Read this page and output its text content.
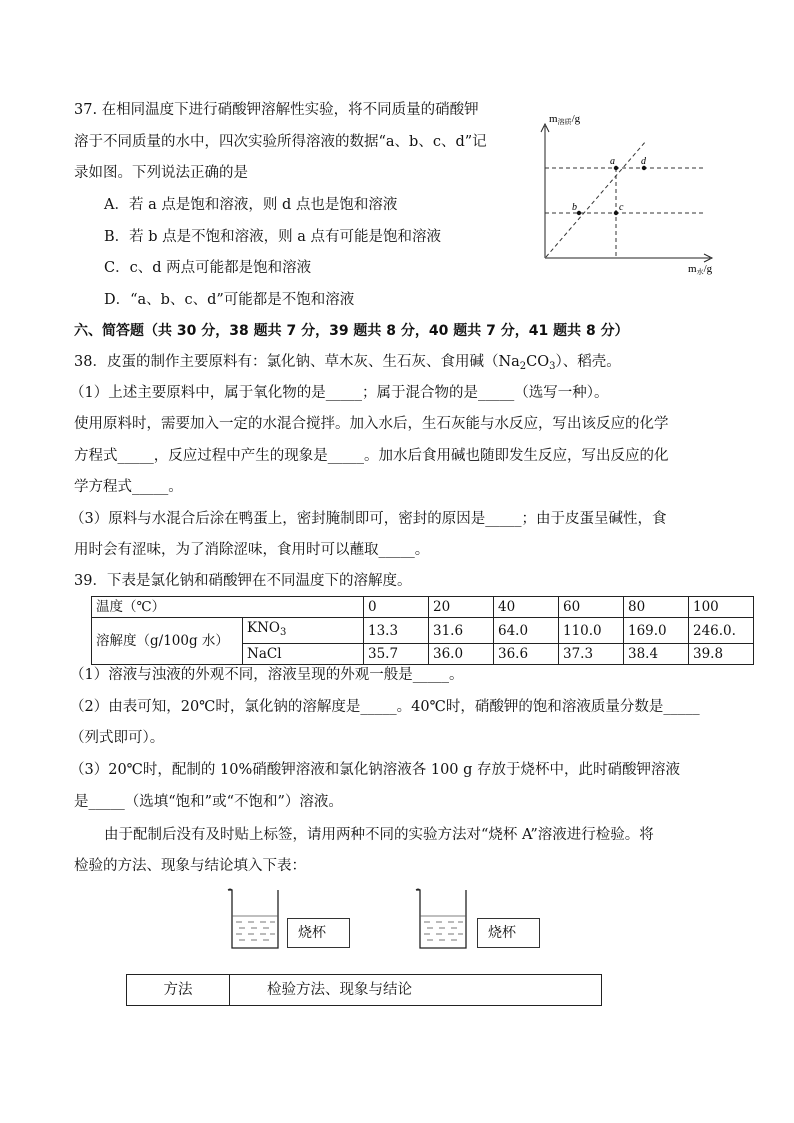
37. 在相同温度下进行硝酸钾溶解性实验，将不同质量的硝酸钾
溶于不同质量的水中，四次实验所得溶液的数据“a、b、c、d”记
录如图。下列说法正确的是
A．若 a 点是饱和溶液，则 d 点也是饱和溶液
B．若 b 点是不饱和溶液，则 a 点有可能是饱和溶液
C．c、d 两点可能都是饱和溶液
D．“a、b、c、d”可能都是不饱和溶液
a	d
b	c
m溶质/g
m水/g
六、简答题（共 30 分，38 题共 7 分，39 题共 8 分，40 题共 7 分，41 题共 8 分）
38．皮蛋的制作主要原料有：氯化钠、草木灰、生石灰、食用碱$(Na_2CO_3)$、稻壳。
（1）上述主要原料中，属于氧化物的是_____；属于混合物的是_____（选写一种）。
使用原料时，需要加入一定的水混合搅拌。加入水后，生石灰能与水反应，写出该反应的化学
方程式_____，反应过程中产生的现象是_____。加水后食用碱也随即发生反应，写出反应的化
学方程式_____。
（3）原料与水混合后涂在鸭蛋上，密封腌制即可，密封的原因是_____；由于皮蛋呈碱性，食
用时会有涩味，为了消除涩味，食用时可以蘸取_____。
39．下表是氯化钠和硝酸钾在不同温度下的溶解度。
温度（℃）		0	20	40	60	80	100
溶解度（g/100g 水）	$KNO_3$	13.3	31.6	64.0	110.0	169.0	246.0.
	NaCl	35.7	36.0	36.6	37.3	38.4	39.8
（1）溶液与浊液的外观不同，溶液呈现的外观一般是_____。
（2）由表可知，20℃时，氯化钠的溶解度是_____。40℃时，硝酸钾的饱和溶液质量分数是_____
（列式即可）。
（3）20℃时，配制的 10%硝酸钾溶液和氯化钠溶液各 100 g 存放于烧杯中，此时硝酸钾溶液
是_____（选填“饱和”或“不饱和”）溶液。
由于配制后没有及时贴上标签，请用两种不同的实验方法对“烧杯 A”溶液进行检验。将
检验的方法、现象与结论填入下表：
烧杯	烧杯
方法	检验方法、现象与结论
